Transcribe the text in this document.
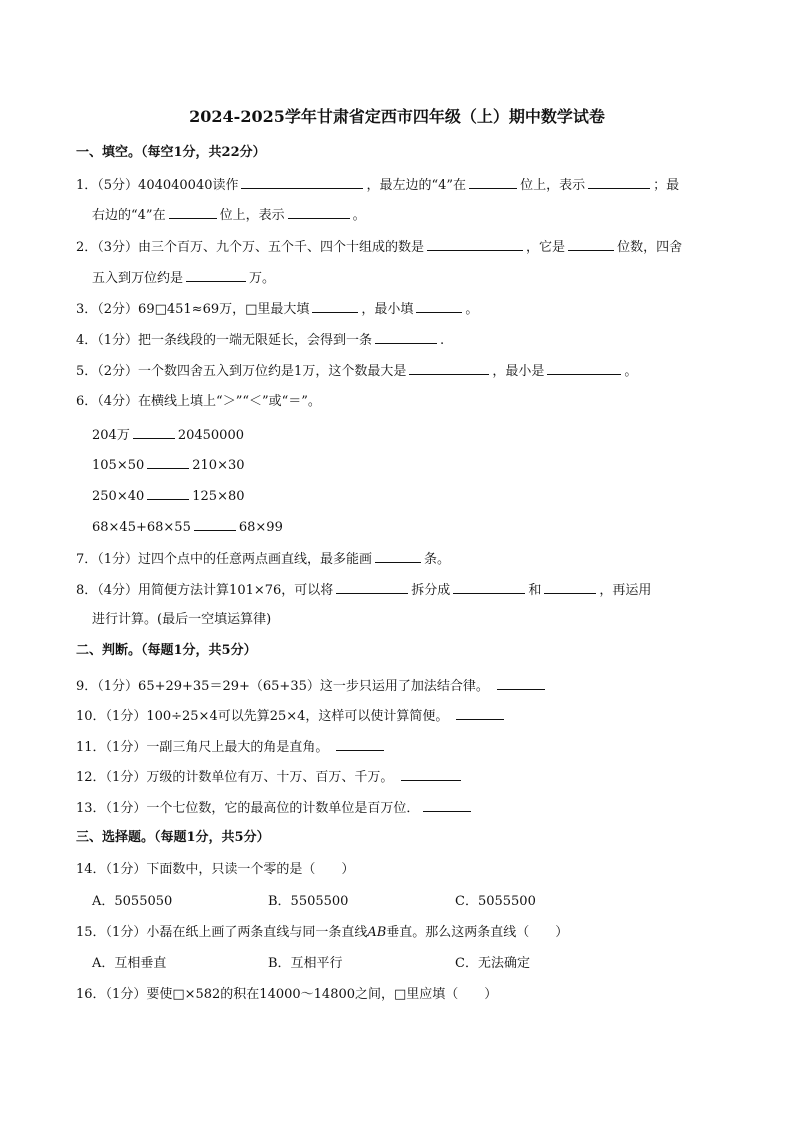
2024-2025学年甘肃省定西市四年级（上）期中数学试卷
一、填空。（每空1分，共22分）
1．（5分）404040040读作	，最左边的“4”在	位上，表示	；最
右边的“4”在	位上，表示	。
2．（3分）由三个百万、九个万、五个千、四个十组成的数是	，它是	位数，四舍
五入到万位约是	万。
3．（2分）69□451≈69万，□里最大填	，最小填	。
4．（1分）把一条线段的一端无限延长，会得到一条	.
5．（2分）一个数四舍五入到万位约是1万，这个数最大是	，最小是	。
6．（4分）在横线上填上“＞”“＜”或“＝”。
204万	20450000
105×50	210×30
250×40	125×80
68×45+68×55	68×99
7．（1分）过四个点中的任意两点画直线，最多能画	条。
8．（4分）用简便方法计算101×76，可以将	拆分成	和	，再运用
进行计算。(最后一空填运算律)
二、判断。（每题1分，共5分）
9．（1分）65+29+35＝29+（65+35）这一步只运用了加法结合律。
10．（1分）100÷25×4可以先算25×4，这样可以使计算简便。
11．（1分）一副三角尺上最大的角是直角。
12．（1分）万级的计数单位有万、十万、百万、千万。
13．（1分）一个七位数，它的最高位的计数单位是百万位．
三、选择题。（每题1分，共5分）
14．（1分）下面数中，只读一个零的是（　　）
A．5055050	B．5505500	C．5055500
15．（1分）小磊在纸上画了两条直线与同一条直线AB垂直。那么这两条直线（　　）
A．互相垂直	B．互相平行	C．无法确定
16．（1分）要使□×582的积在14000～14800之间，□里应填（　　）
